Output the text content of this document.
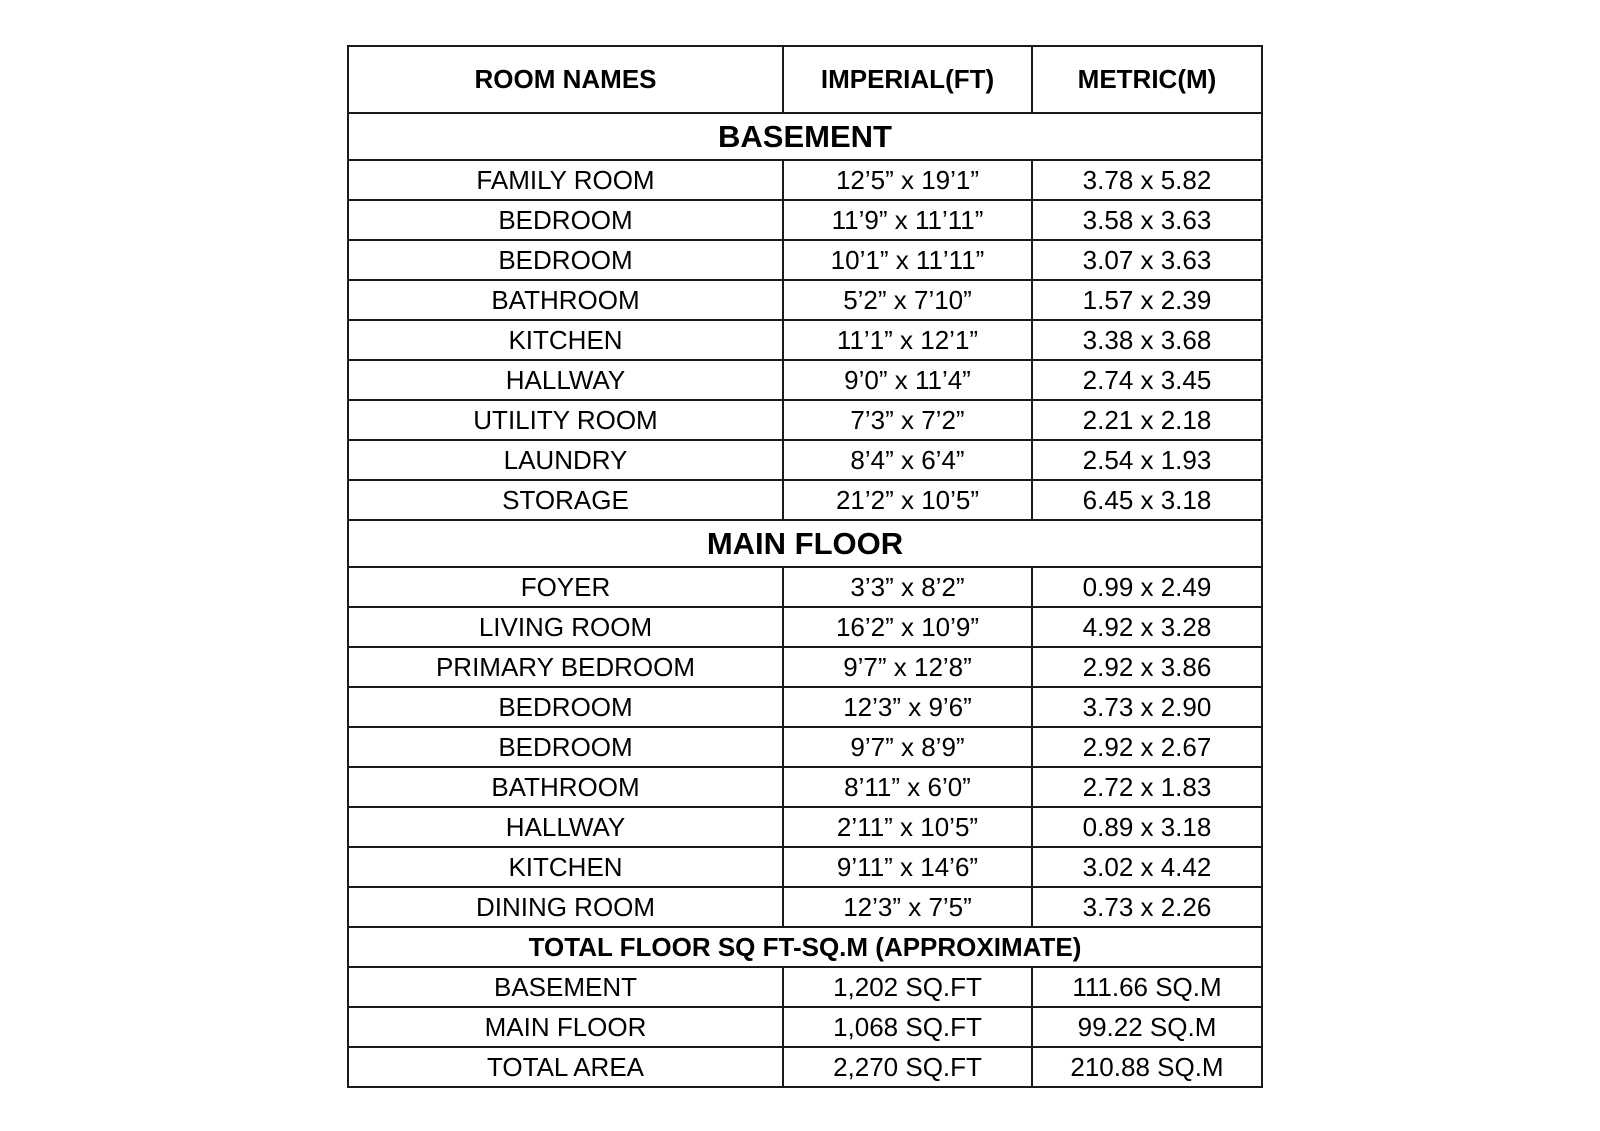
ROOM NAMES	IMPERIAL(FT)	METRIC(M)
BASEMENT		
FAMILY ROOM	12’5” x 19’1”	3.78 x 5.82
BEDROOM	11’9” x 11’11”	3.58 x 3.63
BEDROOM	10’1” x 11’11”	3.07 x 3.63
BATHROOM	5’2” x 7’10”	1.57 x 2.39
KITCHEN	11’1” x 12’1”	3.38 x 3.68
HALLWAY	9’0” x 11’4”	2.74 x 3.45
UTILITY ROOM	7’3” x 7’2”	2.21 x 2.18
LAUNDRY	8’4” x 6’4”	2.54 x 1.93
STORAGE	21’2” x 10’5”	6.45 x 3.18
MAIN FLOOR		
FOYER	3’3” x 8’2”	0.99 x 2.49
LIVING ROOM	16’2” x 10’9”	4.92 x 3.28
PRIMARY BEDROOM	9’7” x 12’8”	2.92 x 3.86
BEDROOM	12’3” x 9’6”	3.73 x 2.90
BEDROOM	9’7” x 8’9”	2.92 x 2.67
BATHROOM	8’11” x 6’0”	2.72 x 1.83
HALLWAY	2’11” x 10’5”	0.89 x 3.18
KITCHEN	9’11” x 14’6”	3.02 x 4.42
DINING ROOM	12’3” x 7’5”	3.73 x 2.26
TOTAL FLOOR SQ FT-SQ.M (APPROXIMATE)		
BASEMENT	1,202 SQ.FT	111.66 SQ.M
MAIN FLOOR	1,068 SQ.FT	99.22 SQ.M
TOTAL AREA	2,270 SQ.FT	210.88 SQ.M
